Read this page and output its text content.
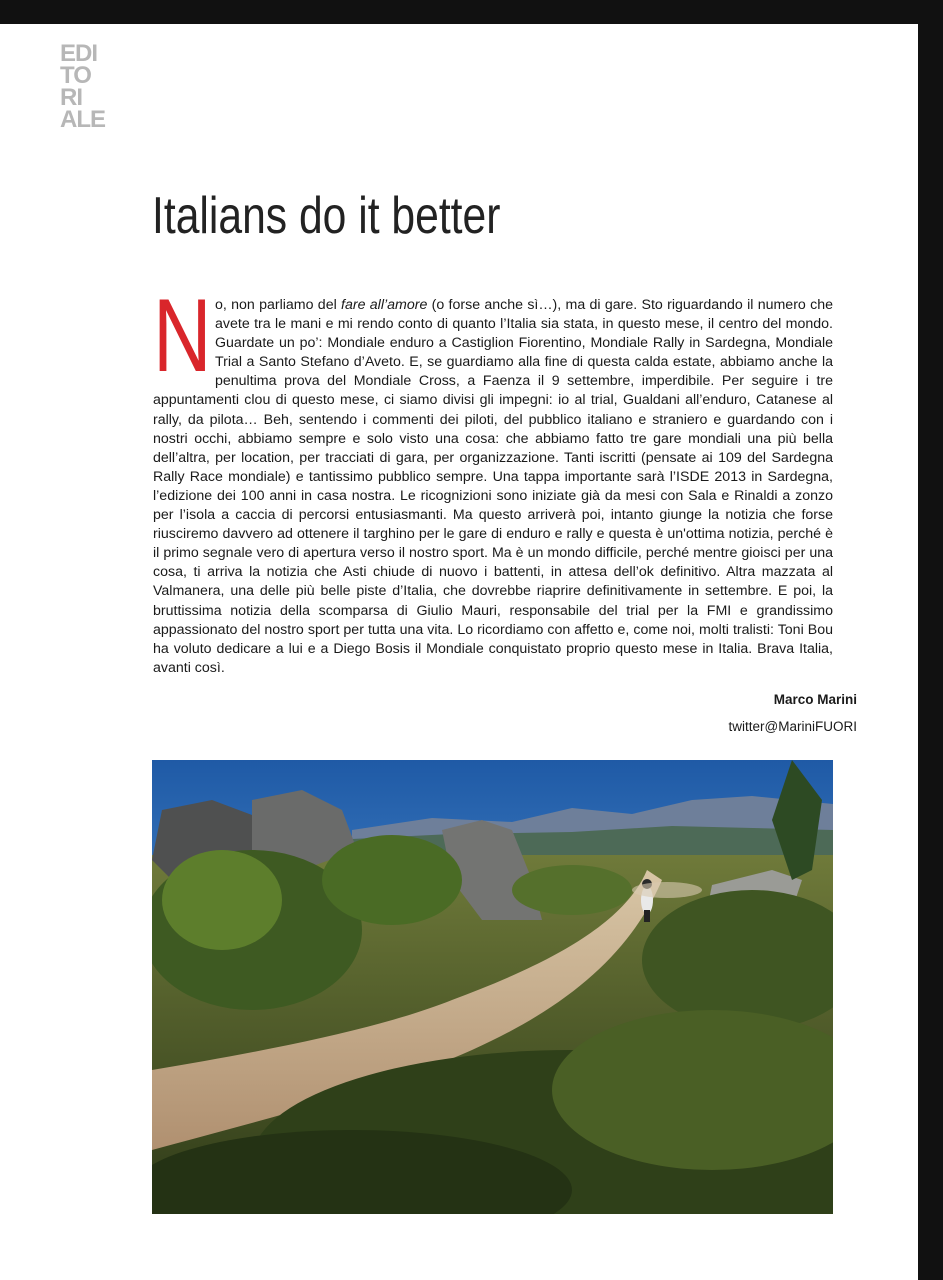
EDI
TO
RI
ALE
Italians do it better

No, non parliamo del fare all’amore (o forse anche sì…), ma di gare. Sto riguardando il numero che avete tra le mani e mi rendo conto di quanto l’Italia sia stata, in questo mese, il centro del mondo. Guardate un po’: Mondiale enduro a Castiglion Fiorentino, Mondiale Rally in Sardegna, Mondiale Trial a Santo Stefano d’Aveto. E, se guardiamo alla fine di questa calda estate, abbiamo anche la penultima prova del Mondiale Cross, a Faenza il 9 settembre, imperdibile. Per seguire i tre appuntamenti clou di questo mese, ci siamo divisi gli impegni: io al trial, Gualdani all’enduro, Catanese al rally, da pilota… Beh, sentendo i commenti dei piloti, del pubblico italiano e straniero e guardando con i nostri occhi, abbiamo sempre e solo visto una cosa: che abbiamo fatto tre gare mondiali una più bella dell’altra, per location, per tracciati di gara, per organizzazione. Tanti iscritti (pensate ai 109 del Sardegna Rally Race mondiale) e tantissimo pubblico sempre. Una tappa importante sarà l’ISDE 2013 in Sardegna, l’edizione dei 100 anni in casa nostra. Le ricognizioni sono iniziate già da mesi con Sala e Rinaldi a zonzo per l’isola a caccia di percorsi entusiasmanti. Ma questo arriverà poi, intanto giunge la notizia che forse riusciremo davvero ad ottenere il targhino per le gare di enduro e rally e questa è un'ottima notizia, perché è il primo segnale vero di apertura verso il nostro sport. Ma è un mondo difficile, perché mentre gioisci per una cosa, ti arriva la notizia che Asti chiude di nuovo i battenti, in attesa dell’ok definitivo. Altra mazzata al Valmanera, una delle più belle piste d’Italia, che dovrebbe riaprire definitivamente in settembre. E poi, la bruttissima notizia della scomparsa di Giulio Mauri, responsabile del trial per la FMI e grandissimo appassionato del nostro sport per tutta una vita. Lo ricordiamo con affetto e, come noi, molti tralisti: Toni Bou ha voluto dedicare a lui e a Diego Bosis il Mondiale conquistato proprio questo mese in Italia. Brava Italia, avanti così.

Marco Marini

twitter@MariniFUORI
